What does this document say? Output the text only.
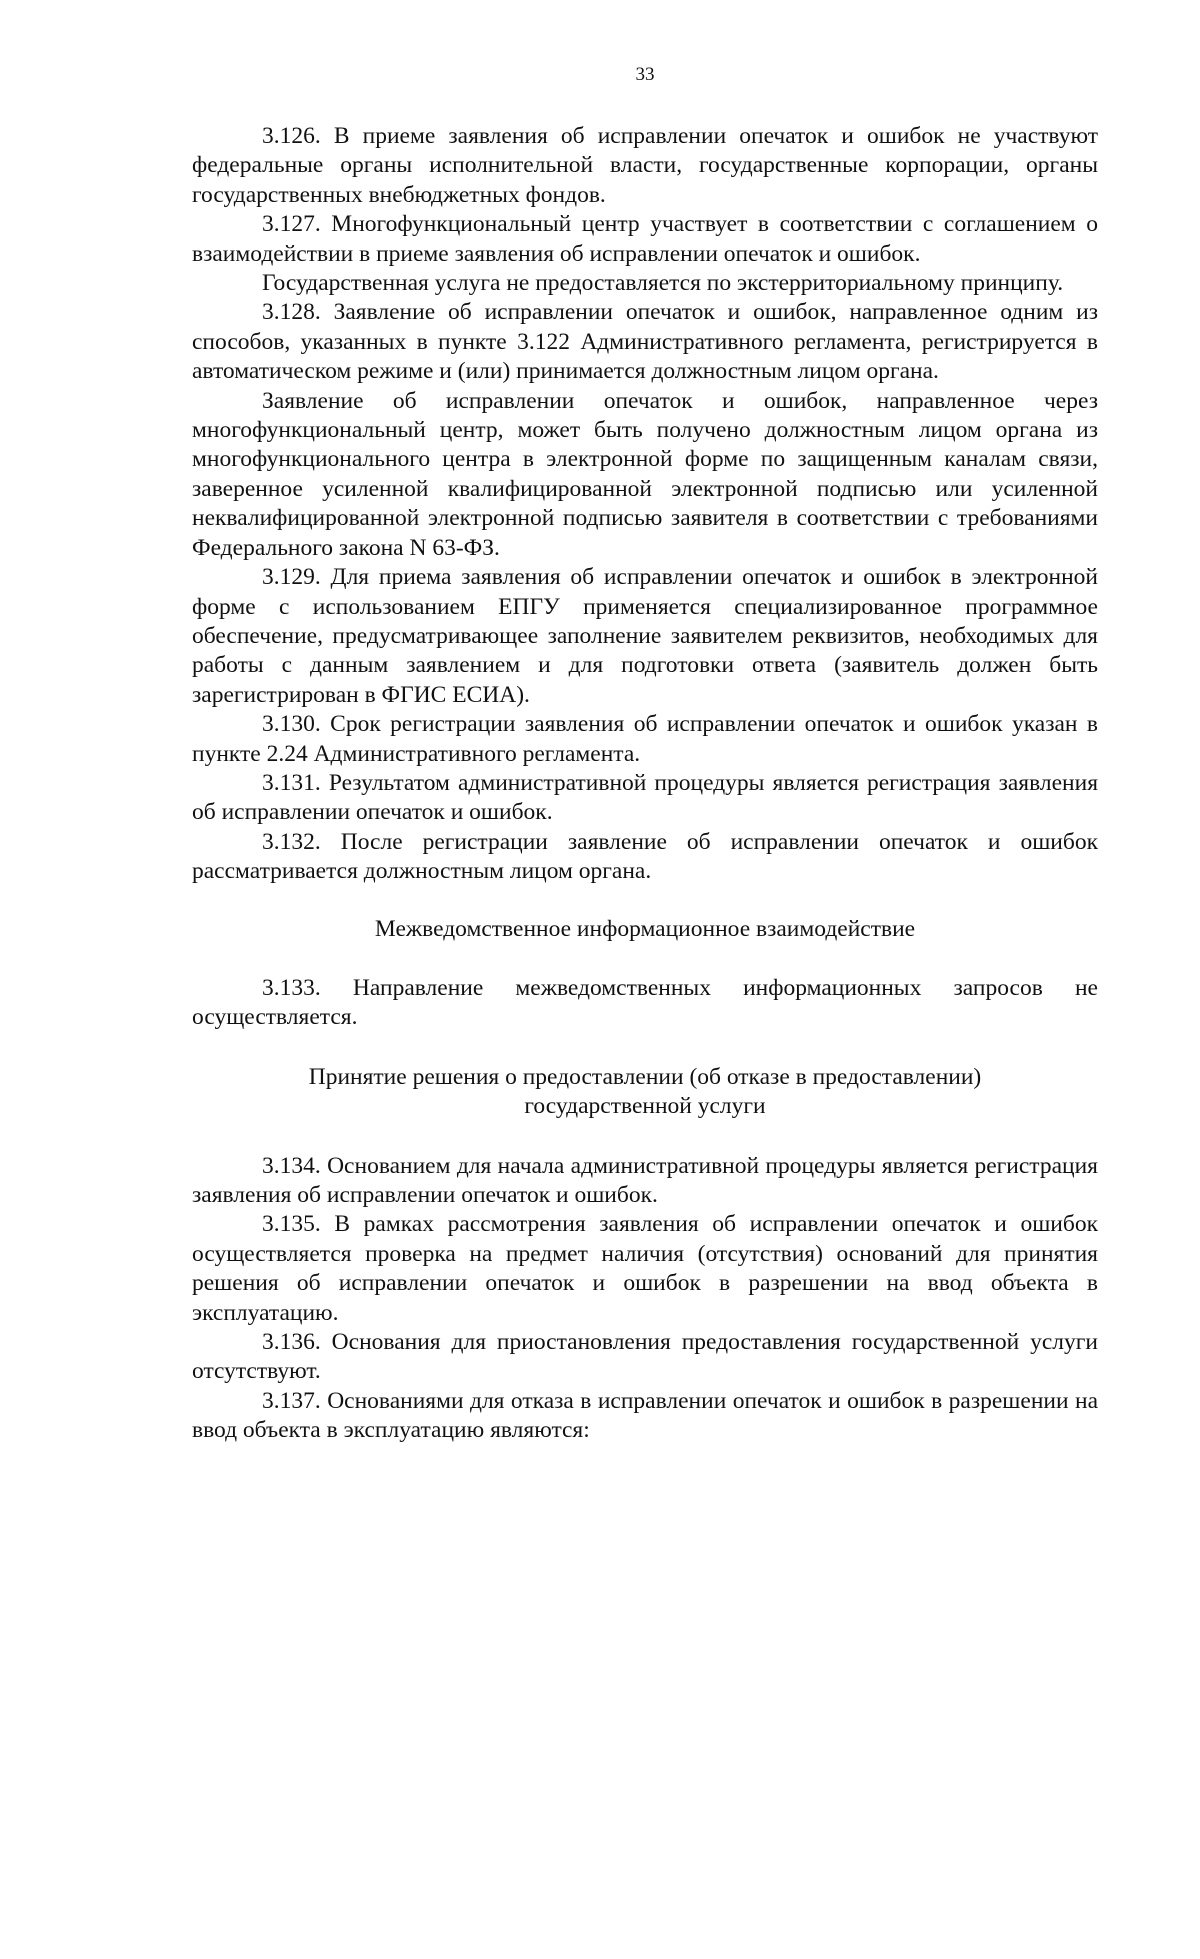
33

3.126. В приеме заявления об исправлении опечаток и ошибок не участвуют федеральные органы исполнительной власти, государственные корпорации, органы государственных внебюджетных фондов.

3.127. Многофункциональный центр участвует в соответствии с соглашением о взаимодействии в приеме заявления об исправлении опечаток и ошибок.

Государственная услуга не предоставляется по экстерриториальному принципу.

3.128. Заявление об исправлении опечаток и ошибок, направленное одним из способов, указанных в пункте 3.122 Административного регламента, регистрируется в автоматическом режиме и (или) принимается должностным лицом органа.

Заявление об исправлении опечаток и ошибок, направленное через многофункциональный центр, может быть получено должностным лицом органа из многофункционального центра в электронной форме по защищенным каналам связи, заверенное усиленной квалифицированной электронной подписью или усиленной неквалифицированной электронной подписью заявителя в соответствии с требованиями Федерального закона N 63-ФЗ.

3.129. Для приема заявления об исправлении опечаток и ошибок в электронной форме с использованием ЕПГУ применяется специализированное программное обеспечение, предусматривающее заполнение заявителем реквизитов, необходимых для работы с данным заявлением и для подготовки ответа (заявитель должен быть зарегистрирован в ФГИС ЕСИА).

3.130. Срок регистрации заявления об исправлении опечаток и ошибок указан в пункте 2.24 Административного регламента.

3.131. Результатом административной процедуры является регистрация заявления об исправлении опечаток и ошибок.

3.132. После регистрации заявление об исправлении опечаток и ошибок рассматривается должностным лицом органа.

Межведомственное информационное взаимодействие

3.133. Направление межведомственных информационных запросов не осуществляется.

Принятие решения о предоставлении (об отказе в предоставлении)
государственной услуги

3.134. Основанием для начала административной процедуры является регистрация заявления об исправлении опечаток и ошибок.

3.135. В рамках рассмотрения заявления об исправлении опечаток и ошибок осуществляется проверка на предмет наличия (отсутствия) оснований для принятия решения об исправлении опечаток и ошибок в разрешении на ввод объекта в эксплуатацию.

3.136. Основания для приостановления предоставления государственной услуги отсутствуют.

3.137. Основаниями для отказа в исправлении опечаток и ошибок в разрешении на ввод объекта в эксплуатацию являются:
